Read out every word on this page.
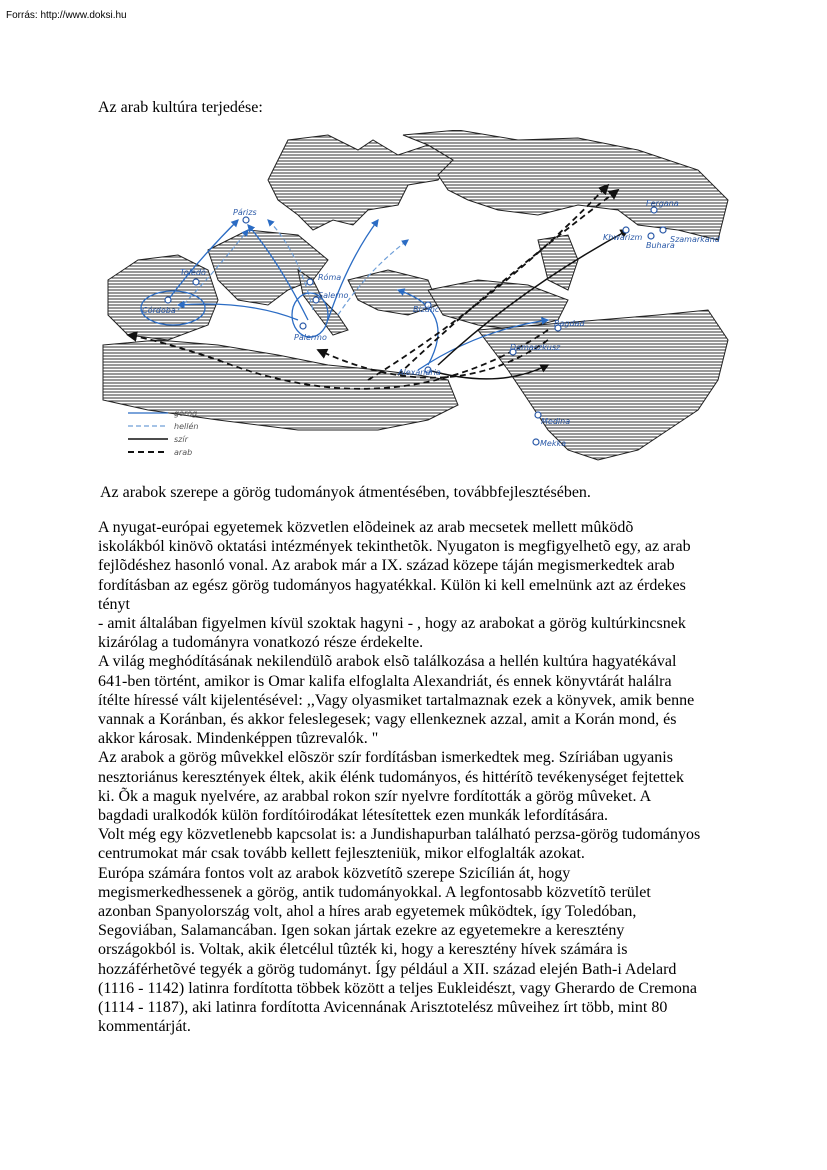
Forrás: http://www.doksi.hu
Az arab kultúra terjedése:
Párizs
Toledó
Córdoba
Róma
Salerno
Palermo
Bizánc
Bagdad
Damaszkusz
Alexandria
Fergana
Khwarizm	Szamarkand
Buhara
Medina
Mekka
görög
hellén
szír
arab
Az arabok szerepe a görög tudományok átmentésében, továbbfejlesztésében.
A nyugat-európai egyetemek közvetlen elõdeinek az arab mecsetek mellett mûködõ
iskolákból kinövõ oktatási intézmények tekinthetõk. Nyugaton is megfigyelhetõ egy, az arab
fejlõdéshez hasonló vonal. Az arabok már a IX. század közepe táján megismerkedtek arab
fordításban az egész görög tudományos hagyatékkal. Külön ki kell emelnünk azt az érdekes
tényt
- amit általában figyelmen kívül szoktak hagyni - , hogy az arabokat a görög kultúrkincsnek
kizárólag a tudományra vonatkozó része érdekelte.
A világ meghódításának nekilendülõ arabok elsõ találkozása a hellén kultúra hagyatékával
641-ben történt, amikor is Omar kalifa elfoglalta Alexandriát, és ennek könyvtárát halálra
ítélte híressé vált kijelentésével: ,,Vagy olyasmiket tartalmaznak ezek a könyvek, amik benne
vannak a Koránban, és akkor feleslegesek; vagy ellenkeznek azzal, amit a Korán mond, és
akkor károsak. Mindenképpen tûzrevalók. "
Az arabok a görög mûvekkel elõször szír fordításban ismerkedtek meg. Szíriában ugyanis
nesztoriánus keresztények éltek, akik élénk tudományos, és hittérítõ tevékenységet fejtettek
ki. Õk a maguk nyelvére, az arabbal rokon szír nyelvre fordították a görög mûveket. A
bagdadi uralkodók külön fordítóirodákat létesítettek ezen munkák lefordítására.
Volt még egy közvetlenebb kapcsolat is: a Jundishapurban található perzsa-görög tudományos
centrumokat már csak tovább kellett fejleszteniük, mikor elfoglalták azokat.
Európa számára fontos volt az arabok közvetítõ szerepe Szicílián át, hogy
megismerkedhessenek a görög, antik tudományokkal. A legfontosabb közvetítõ terület
azonban Spanyolország volt, ahol a híres arab egyetemek mûködtek, így Toledóban,
Segoviában, Salamancában. Igen sokan jártak ezekre az egyetemekre a keresztény
országokból is. Voltak, akik életcélul tûzték ki, hogy a keresztény hívek számára is
hozzáférhetõvé tegyék a görög tudományt. Így például a XII. század elején Bath-i Adelard
(1116 - 1142) latinra fordította többek között a teljes Eukleidészt, vagy Gherardo de Cremona
(1114 - 1187), aki latinra fordította Avicennának Arisztotelész mûveihez írt több, mint 80
kommentárját.
